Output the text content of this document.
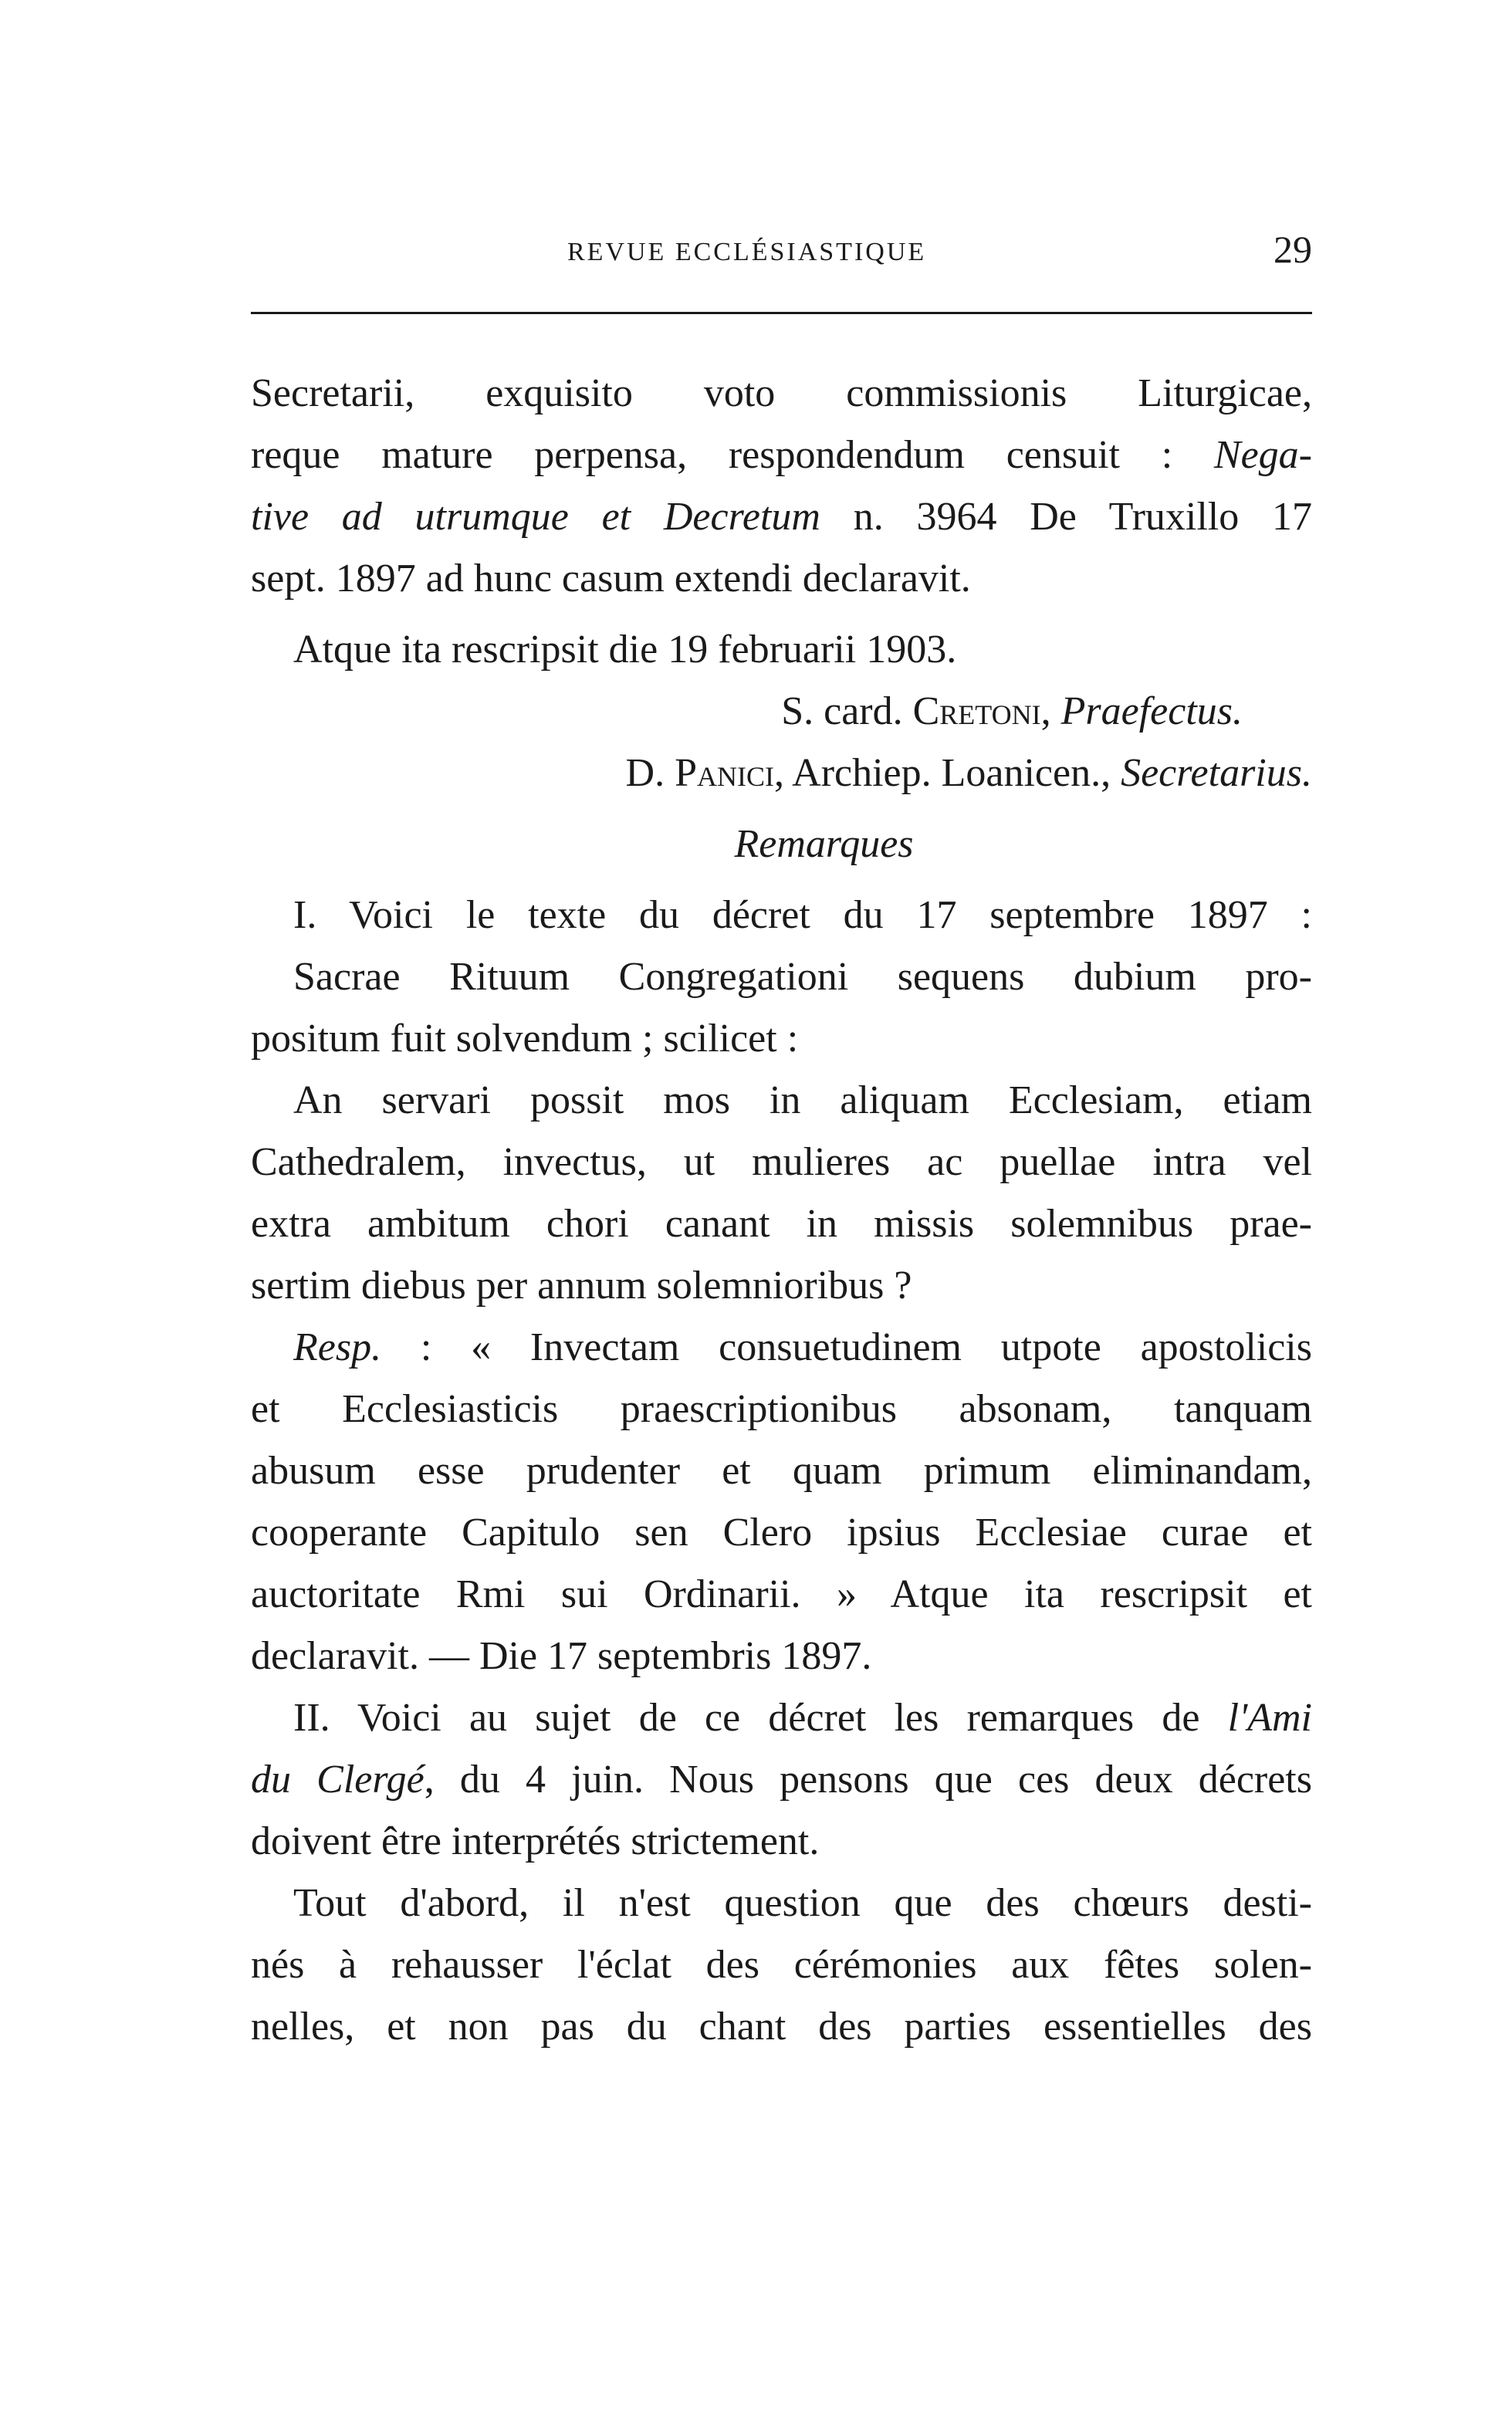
REVUE ECCLÉSIASTIQUE	29
Secretarii, exquisito voto commissionis Liturgicae,
reque mature perpensa, respondendum censuit : Nega-
tive ad utrumque et Decretum n. 3964 De Truxillo 17
sept. 1897 ad hunc casum extendi declaravit.
Atque ita rescripsit die 19 februarii 1903.
S. card. Cretoni, Praefectus.
D. Panici, Archiep. Loanicen., Secretarius.
Remarques
I. Voici le texte du décret du 17 septembre 1897 :
Sacrae Rituum Congregationi sequens dubium pro-
positum fuit solvendum ; scilicet :
An servari possit mos in aliquam Ecclesiam, etiam
Cathedralem, invectus, ut mulieres ac puellae intra vel
extra ambitum chori canant in missis solemnibus prae-
sertim diebus per annum solemnioribus ?
Resp. : « Invectam consuetudinem utpote apostolicis
et Ecclesiasticis praescriptionibus absonam, tanquam
abusum esse prudenter et quam primum eliminandam,
cooperante Capitulo sen Clero ipsius Ecclesiae curae et
auctoritate Rmi sui Ordinarii. » Atque ita rescripsit et
declaravit. — Die 17 septembris 1897.
II. Voici au sujet de ce décret les remarques de l'Ami
du Clergé, du 4 juin. Nous pensons que ces deux décrets
doivent être interprétés strictement.
Tout d'abord, il n'est question que des chœurs desti-
nés à rehausser l'éclat des cérémonies aux fêtes solen-
nelles, et non pas du chant des parties essentielles des
